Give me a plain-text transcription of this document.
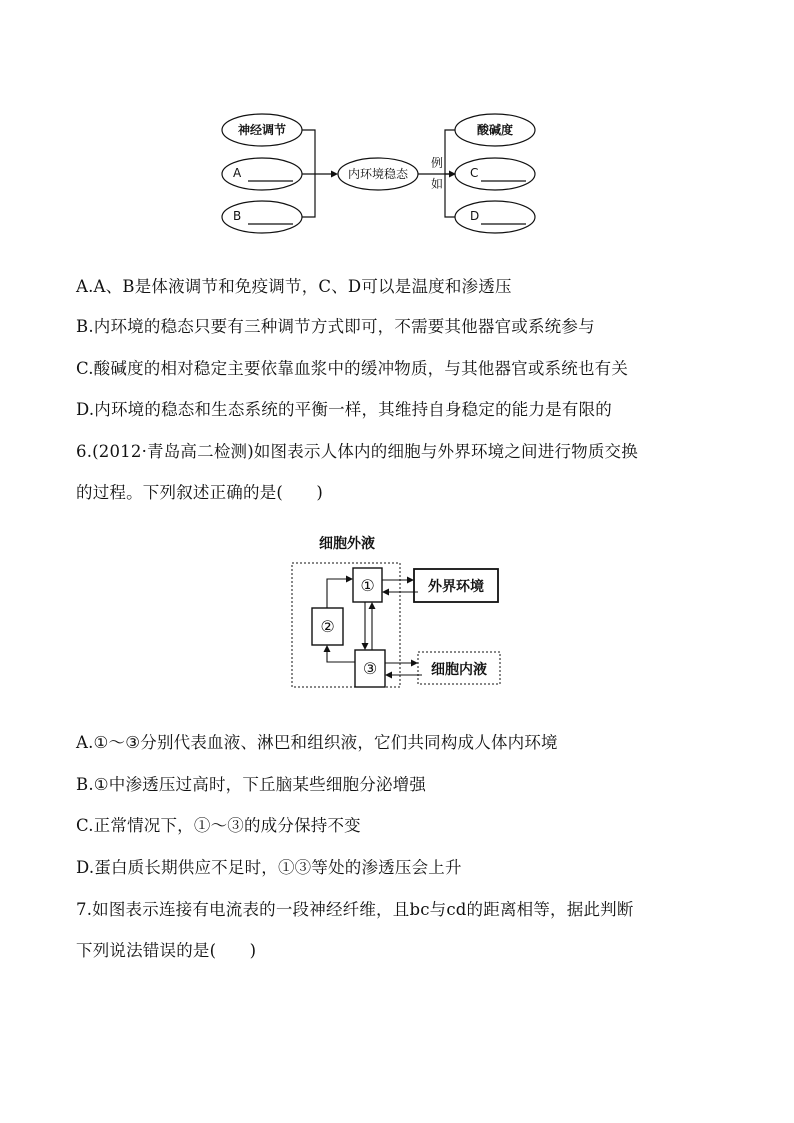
神经调节
A
B
内环境稳态
例
如
酸碱度
C
D
A.A、B是体液调节和免疫调节，C、D可以是温度和渗透压
B.内环境的稳态只要有三种调节方式即可，不需要其他器官或系统参与
C.酸碱度的相对稳定主要依靠血浆中的缓冲物质，与其他器官或系统也有关
D.内环境的稳态和生态系统的平衡一样，其维持自身稳定的能力是有限的
6.(2012·青岛高二检测)如图表示人体内的细胞与外界环境之间进行物质交换
的过程。下列叙述正确的是(　　)
细胞外液
①
②
③
外界环境
细胞内液
A.①～③分别代表血液、淋巴和组织液，它们共同构成人体内环境
B.①中渗透压过高时，下丘脑某些细胞分泌增强
C.正常情况下，①～③的成分保持不变
D.蛋白质长期供应不足时，①③等处的渗透压会上升
7.如图表示连接有电流表的一段神经纤维，且bc与cd的距离相等，据此判断
下列说法错误的是(　　)
